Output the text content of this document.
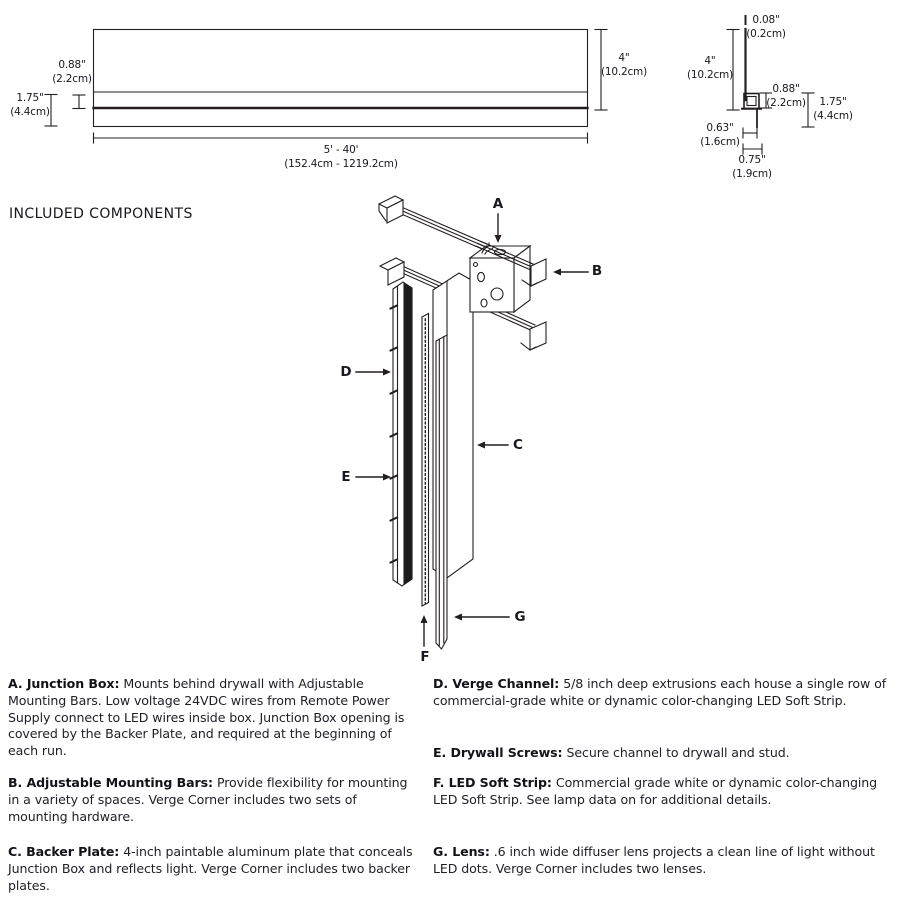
0.88"
(2.2cm)
1.75"
(4.4cm)
4"
(10.2cm)
5' - 40'
(152.4cm - 1219.2cm)
0.08"
(0.2cm)
4"
(10.2cm)
0.88"
(2.2cm)	1.75"
(4.4cm)
0.63"
(1.6cm)
0.75"
(1.9cm)
INCLUDED COMPONENTS
A
B
C
D
E
F
G

A. Junction Box: Mounts behind drywall with Adjustable Mounting Bars. Low voltage 24VDC wires from Remote Power Supply connect to LED wires inside box. Junction Box opening is covered by the Backer Plate, and required at the beginning of each run.

B. Adjustable Mounting Bars: Provide flexibility for mounting in a variety of spaces. Verge Corner includes two sets of mounting hardware.

C. Backer Plate: 4-inch paintable aluminum plate that conceals Junction Box and reflects light. Verge Corner includes two backer plates.

D. Verge Channel: 5/8 inch deep extrusions each house a single row of commercial-grade white or dynamic color-changing LED Soft Strip.

E. Drywall Screws: Secure channel to drywall and stud.

F. LED Soft Strip: Commercial grade white or dynamic color-changing LED Soft Strip. See lamp data on for additional details.

G. Lens: .6 inch wide diffuser lens projects a clean line of light without LED dots. Verge Corner includes two lenses.
